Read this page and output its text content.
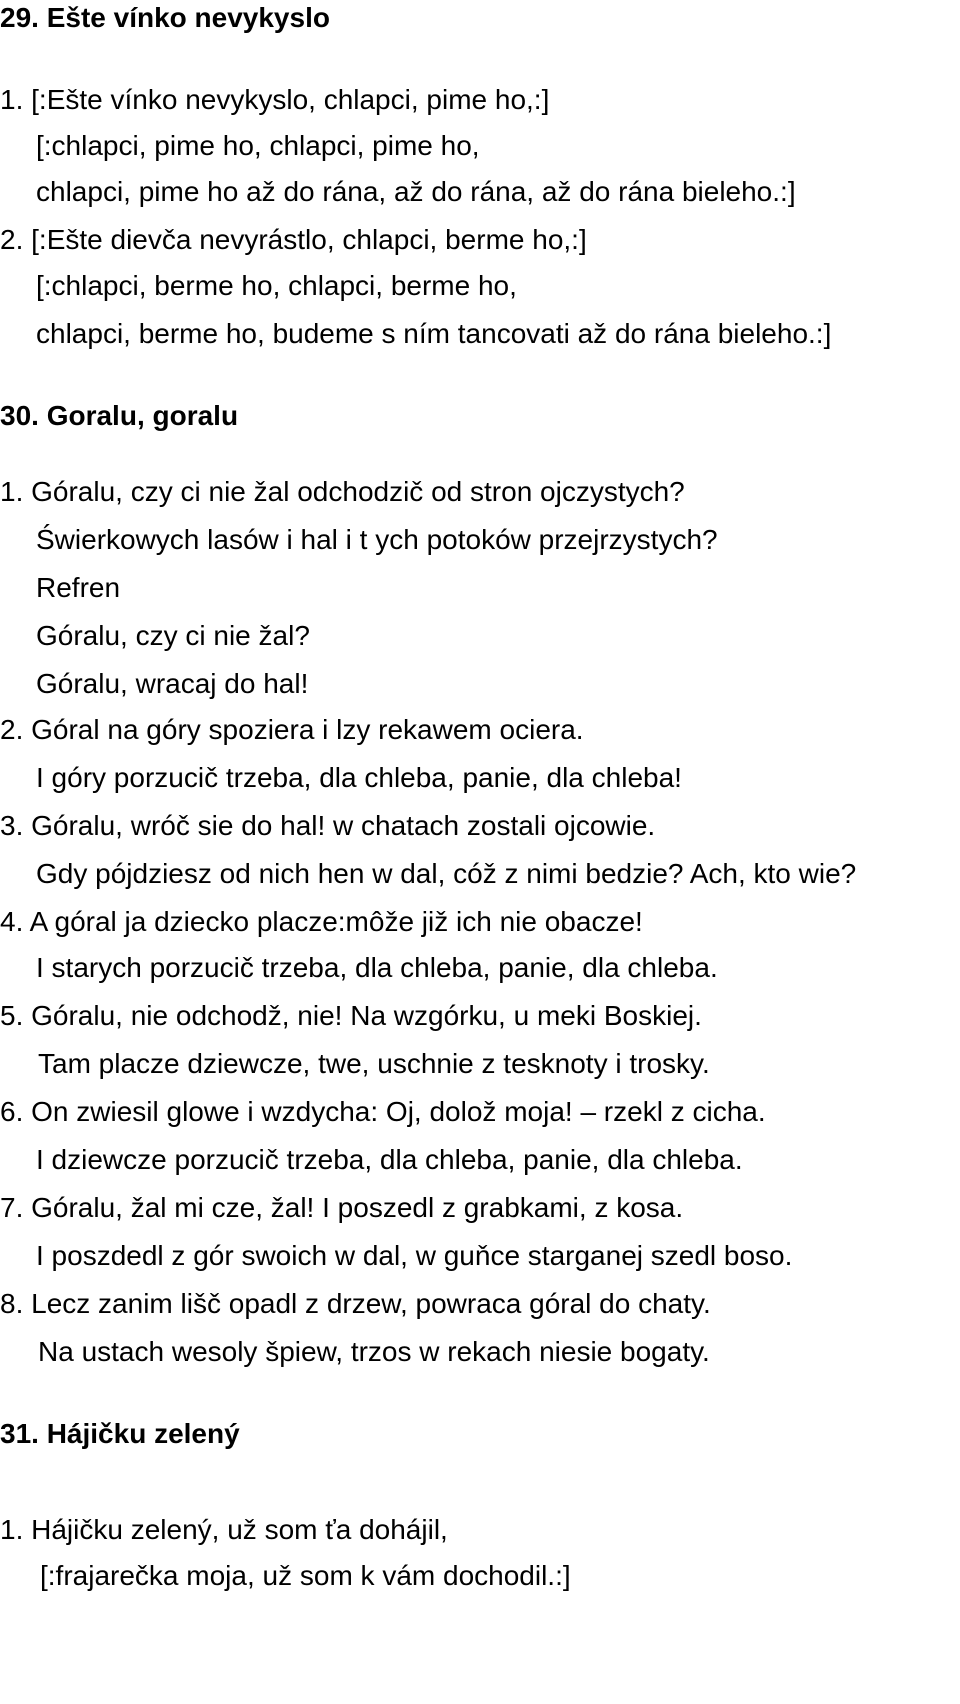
29. Ešte vínko nevykyslo
1. [:Ešte vínko nevykyslo, chlapci, pime ho,:]
[:chlapci, pime ho, chlapci, pime ho,
chlapci, pime ho až do rána, až do rána, až do rána bieleho.:]
2. [:Ešte dievča nevyrástlo, chlapci, berme ho,:]
[:chlapci, berme ho, chlapci, berme ho,
chlapci, berme ho, budeme s ním tancovati až do rána bieleho.:]
30. Goralu, goralu
1. Góralu, czy ci nie žal odchodzič od stron ojczystych?
Świerkowych lasów i hal i t ych potoków przejrzystych?
Refren
Góralu, czy ci nie žal?
Góralu, wracaj do hal!
2. Góral na góry spoziera i lzy rekawem ociera.
I góry porzucič trzeba, dla chleba, panie, dla chleba!
3. Góralu, wróč sie do hal! w chatach zostali ojcowie.
Gdy pójdziesz od nich hen w dal, cóž z nimi bedzie? Ach, kto wie?
4. A góral ja dziecko placze:môže již ich nie obacze!
I starych porzucič trzeba, dla chleba, panie, dla chleba.
5. Góralu, nie odchodž, nie! Na wzgórku, u meki Boskiej.
Tam placze dziewcze, twe, uschnie z tesknoty i trosky.
6. On zwiesil glowe i wzdycha: Oj, dolož moja! – rzekl z cicha.
I dziewcze porzucič trzeba, dla chleba, panie, dla chleba.
7. Góralu, žal mi cze, žal! I poszedl z grabkami, z kosa.
I poszdedl z gór swoich w dal, w guňce starganej szedl boso.
8. Lecz zanim lišč opadl z drzew, powraca góral do chaty.
Na ustach wesoly špiew, trzos w rekach niesie bogaty.
31. Hájičku zelený
1. Hájičku zelený, už som ťa dohájil,
[:frajarečka moja, už som k vám dochodil.:]
